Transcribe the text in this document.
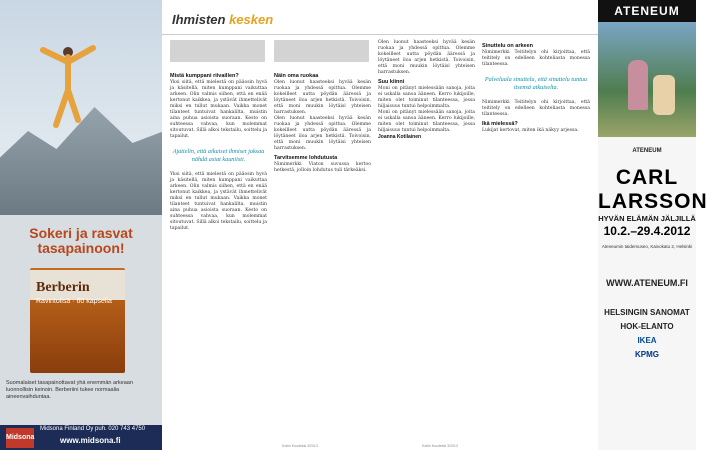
Sokeri ja rasvat tasapainoon!
Berberin
Ravintolisä · 60 kapselia
Suomalaiset tasapainottavat yhä enemmän arkeaan luonnollisin keinoin. Berberiini tukee normaalia aineenvaihduntaa.
Midsona
Midsona Finland Oy puh. 020 743 4750
www.midsona.fi
Ihmisten kesken
Mistä kumppani riivaillen?
Yksi siitä, että mielestä on pääosin hyvä ja käsitellä, miten kumppani vaikuttaa arkeen. Olin valmis siihen, että en enää kertonut kaikkea, ja ystävät ihmettelivät miksi en tullut mukaan. Vaikka monet tilanteet tuntuivat hankalilta, muistin aina puhua asioista suoraan. Kesto on suhteessa vahvaa, kun molemmat sitoutuvat. Sillä alkoi tekstailu, soittelu ja tapailut.
Ajattelin, että aikuiset ihmiset jaksaa nähdä asiat kauniisti.
Yksi siitä, että mielestä on pääosin hyvä ja käsitellä, miten kumppani vaikuttaa arkeen. Olin valmis siihen, että en enää kertonut kaikkea, ja ystävät ihmettelivät miksi en tullut mukaan. Vaikka monet tilanteet tuntuivat hankalilta, muistin aina puhua asioista suoraan. Kesto on suhteessa vahvaa, kun molemmat sitoutuvat. Sillä alkoi tekstailu, soittelu ja tapailut.
Näin oma ruokaa
Olen luonut haasteeksi hyvää kesän ruokaa ja yhdessä opittua. Olemme kokeilleet uutta pöydän ääressä ja löytäneet iloa arjen hetkistä. Toivoisin, että moni muukin löytäisi yhteisen harrastuksen.
Olen luonut haasteeksi hyvää kesän ruokaa ja yhdessä opittua. Olemme kokeilleet uutta pöydän ääressä ja löytäneet iloa arjen hetkistä. Toivoisin, että moni muukin löytäisi yhteisen harrastuksen.
Tarvitsemme lohdutusta
Nimimerkki Viaton suvussa kertoo hetkestä, jolloin lohdutus tuli tärkeäksi.
Olen luonut haasteeksi hyvää kesän ruokaa ja yhdessä opittua. Olemme kokeilleet uutta pöydän ääressä ja löytäneet iloa arjen hetkistä. Toivoisin, että moni muukin löytäisi yhteisen harrastuksen.
Suu kiinni
Moni on pitänyt mielessään sanoja, joita ei uskalla sanoa ääneen. Kerro lukijoille, miten olet toiminut tilanteessa, jossa hiljaisuus tuntui helpoimmalta.
Moni on pitänyt mielessään sanoja, joita ei uskalla sanoa ääneen. Kerro lukijoille, miten olet toiminut tilanteessa, jossa hiljaisuus tuntui helpoimmalta.
Joanna Kotilainen
Sinuttelu on arkeen
Nimimerkki Teititelyn ohi kirjoittaa, että teititely on edelleen kohteliasta monessa tilanteessa.
Palveluala sinuttelu, että sinuttelu tuntuu itsensä aikuiselta.
Nimimerkki Teititelyn ohi kirjoittaa, että teititely on edelleen kohteliasta monessa tilanteessa.
Ikä mielessä?
Lukijat kertovat, miten ikä näkyy arjessa.
Kotiin Kuudeksi 3/2013	Kotiin Kuudeksi 3/2013
ATENEUM
ATENEUM
CARL LARSSON
HYVÄN ELÄMÄN JÄLJILLÄ
10.2.–29.4.2012
Ateneumin taidemuseo, Kaivokatu 2, Helsinki
WWW.ATENEUM.FI
HELSINGIN SANOMAT
HOK-ELANTO
IKEA
KPMG
